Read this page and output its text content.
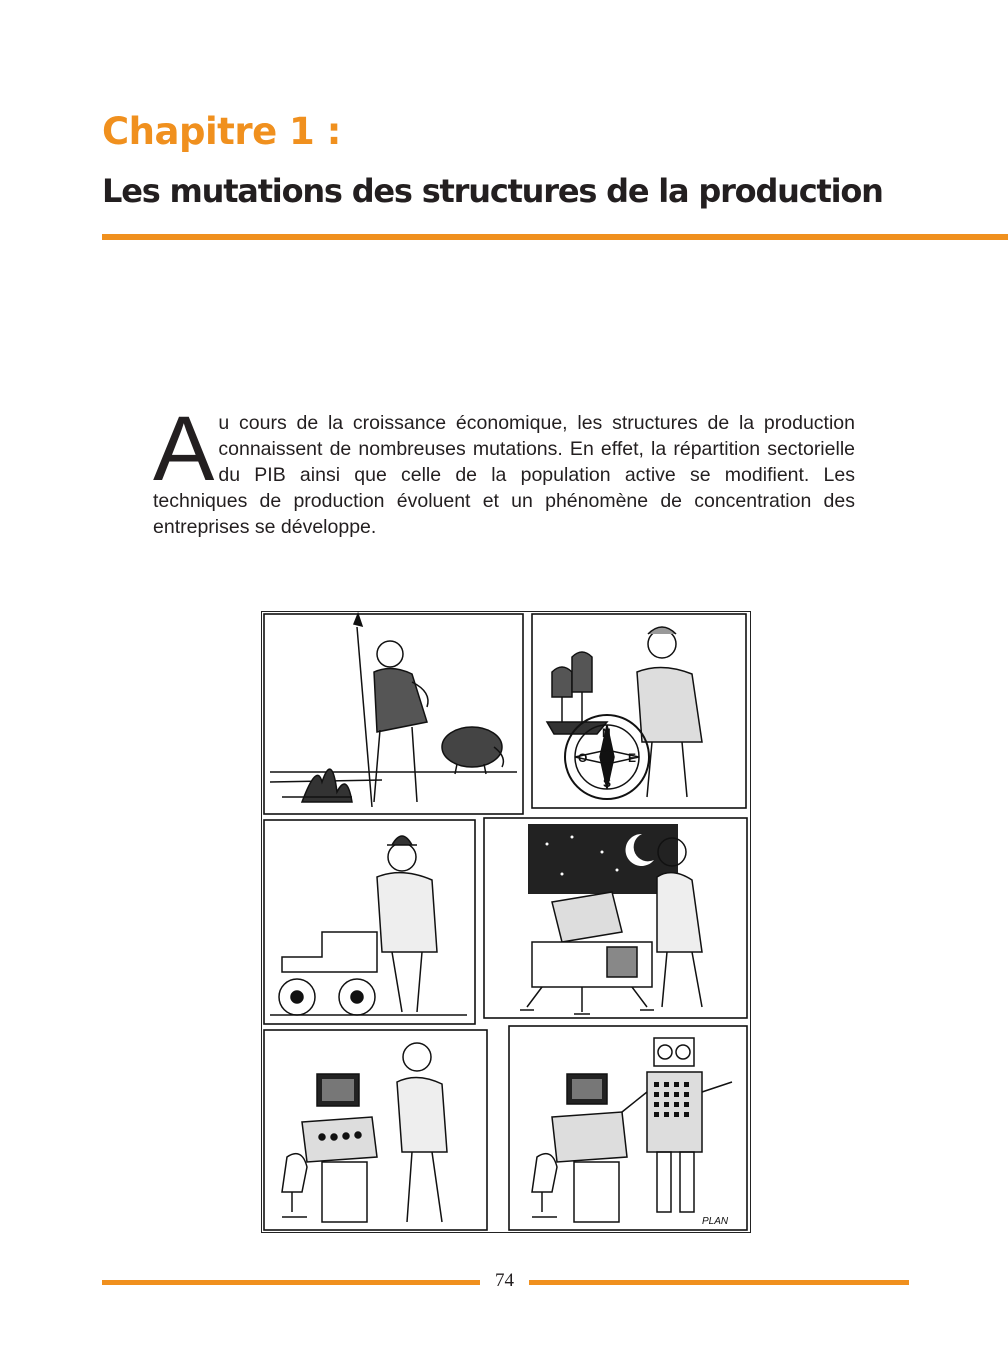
Chapitre 1 :
Les mutations des structures de la production

Au cours de la croissance économique, les structures de la production connaissent de nombreuses mutations. En effet, la répartition sectorielle du PIB ainsi que celle de la population active se modifient. Les techniques de production évoluent et un phénomène de concentration des entreprises se développe.

N
E
S
O
PLAN
74
